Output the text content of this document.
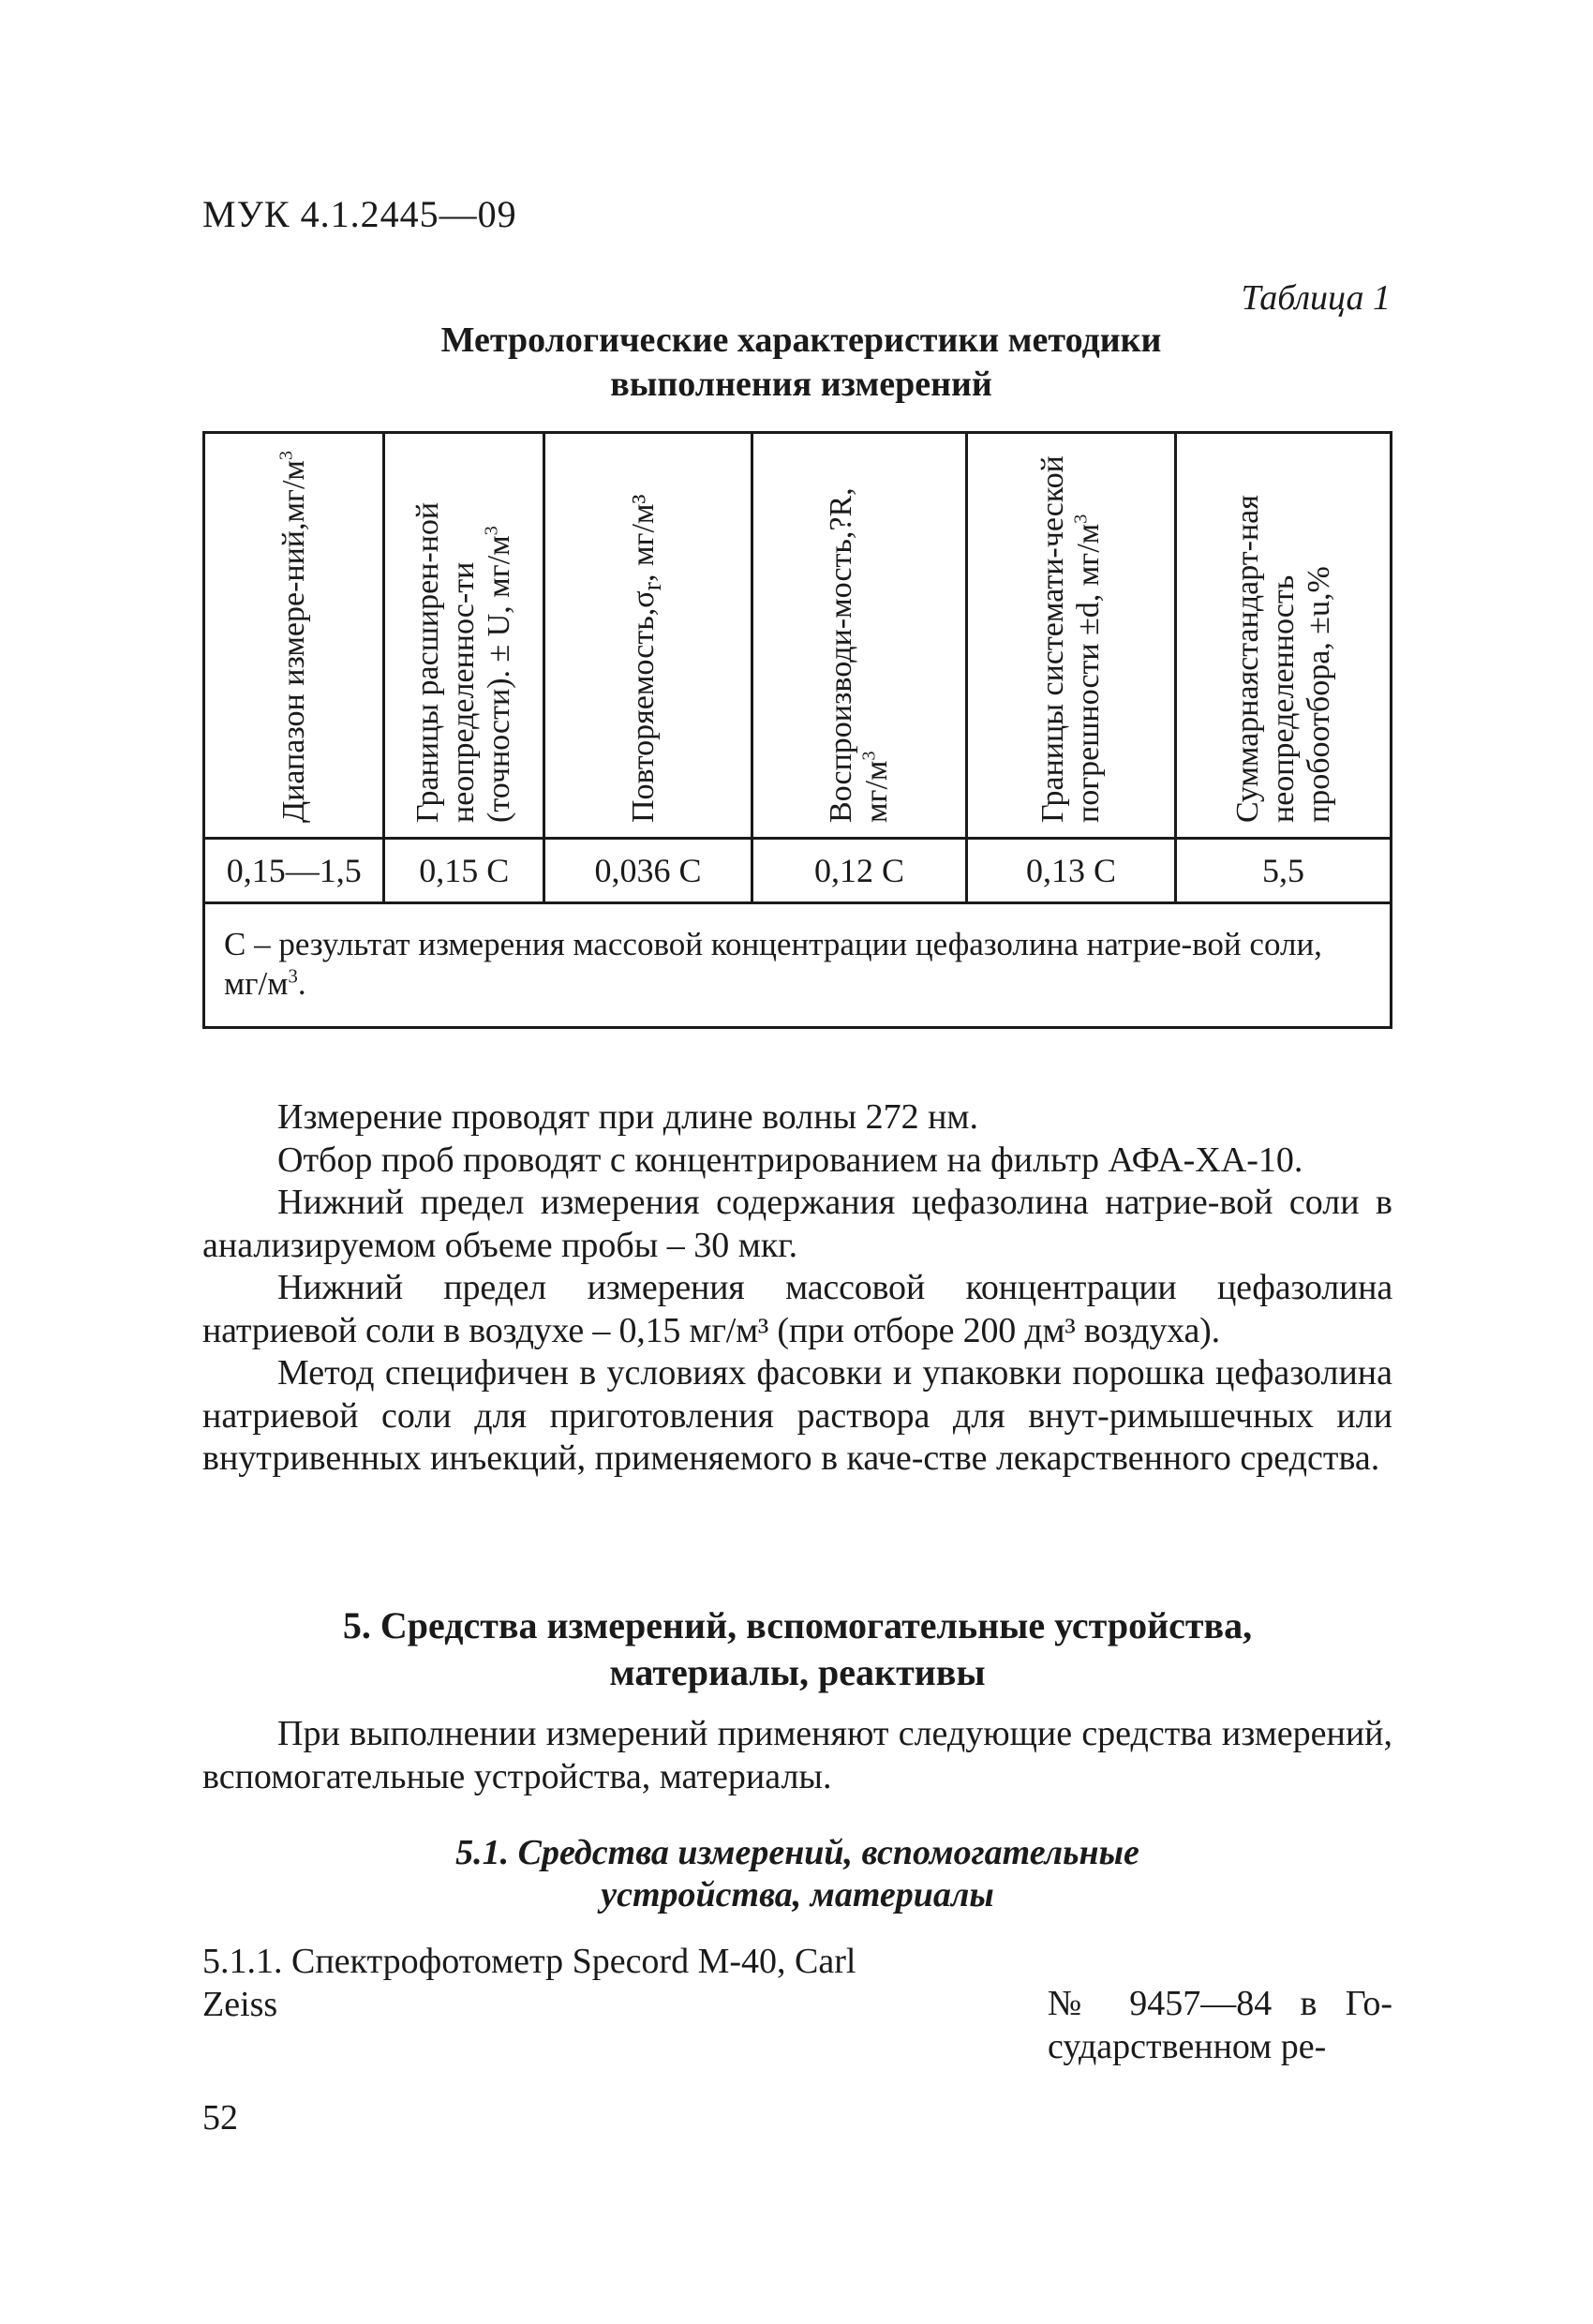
МУК 4.1.2445—09
Таблица 1
Метрологические характеристики методики
выполнения измерений
Диапазон измере-$ний,мг/м^3$	Границы расширен-ной неопределеннос-ти (точности). ± U, $мг/м^3$	$Повторяемость,\sigma_r$, мг/м³	Воспроизводи-мость,?R, $мг/м^3$	Границы системати-ческой погрешности ±d, $мг/м^3$	Суммарнаястандарт-ная неопределенность пробоотбора, ±u,%

0,15—1,5	0,15 С	0,036 С	0,12 С	0,13 С	5,5
С – результат измерения массовой концентрации цефазолина натрие-вой соли, $мг/м^3$.					

Измерение проводят при длине волны 272 нм.

Отбор проб проводят с концентрированием на фильтр АФА-ХА-10.

Нижний предел измерения содержания цефазолина натрие-вой соли в анализируемом объеме пробы – 30 мкг.

Нижний предел измерения массовой концентрации цефазолина натриевой соли в воздухе – 0,15 мг/м³ (при отборе 200 дм³ воздуха).

Метод специфичен в условиях фасовки и упаковки порошка цефазолина натриевой соли для приготовления раствора для внут-римышечных или внутривенных инъекций, применяемого в каче-стве лекарственного средства.

5. Средства измерений, вспомогательные устройства,
материалы, реактивы

При выполнении измерений применяют следующие средства измерений, вспомогательные устройства, материалы.

5.1. Средства измерений, вспомогательные
устройства, материалы
5.1.1. Спектрофотометр Specord M-40, Carl
Zeiss	№ 9457—84 в Го-сударственном ре-
52
